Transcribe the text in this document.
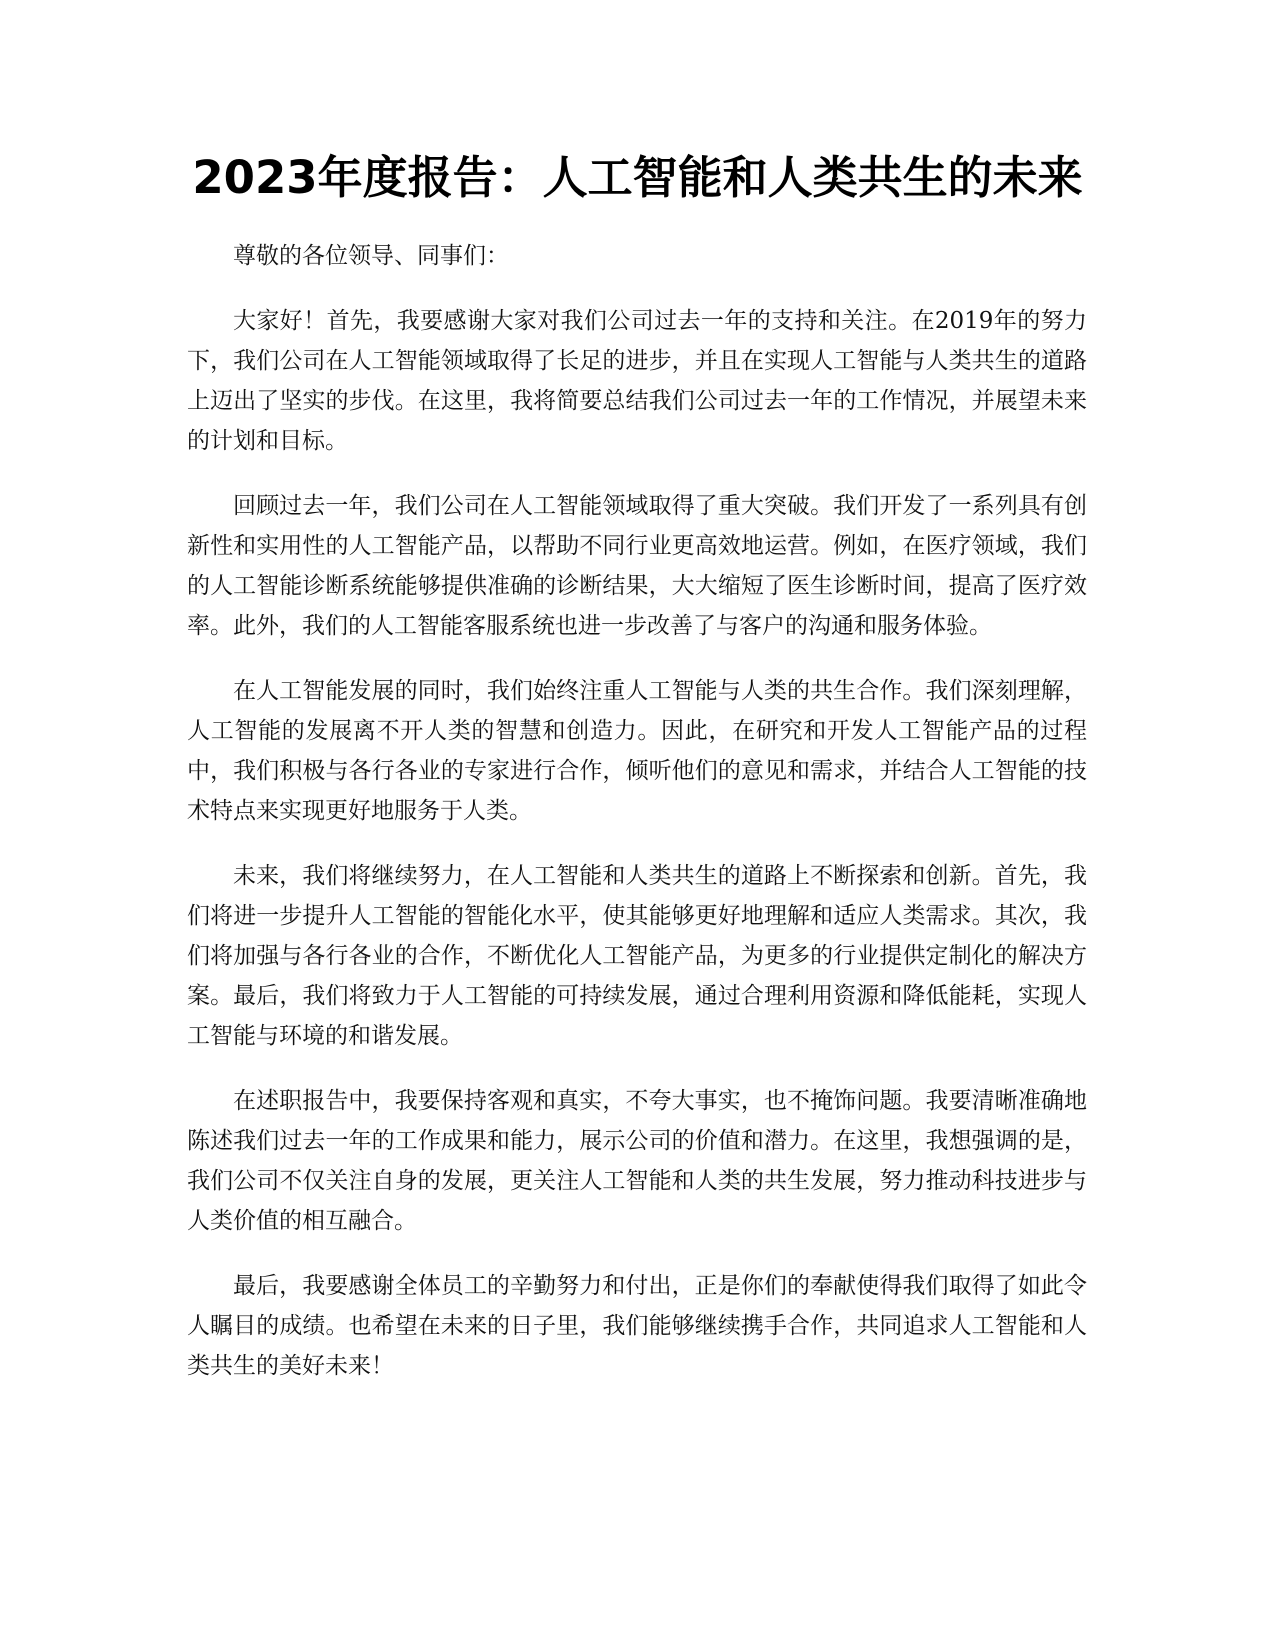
2023年度报告：人工智能和人类共生的未来

尊敬的各位领导、同事们：

大家好！首先，我要感谢大家对我们公司过去一年的支持和关注。在2019年的努力下，我们公司在人工智能领域取得了长足的进步，并且在实现人工智能与人类共生的道路上迈出了坚实的步伐。在这里，我将简要总结我们公司过去一年的工作情况，并展望未来的计划和目标。

回顾过去一年，我们公司在人工智能领域取得了重大突破。我们开发了一系列具有创新性和实用性的人工智能产品，以帮助不同行业更高效地运营。例如，在医疗领域，我们的人工智能诊断系统能够提供准确的诊断结果，大大缩短了医生诊断时间，提高了医疗效率。此外，我们的人工智能客服系统也进一步改善了与客户的沟通和服务体验。

在人工智能发展的同时，我们始终注重人工智能与人类的共生合作。我们深刻理解，人工智能的发展离不开人类的智慧和创造力。因此，在研究和开发人工智能产品的过程中，我们积极与各行各业的专家进行合作，倾听他们的意见和需求，并结合人工智能的技术特点来实现更好地服务于人类。

未来，我们将继续努力，在人工智能和人类共生的道路上不断探索和创新。首先，我们将进一步提升人工智能的智能化水平，使其能够更好地理解和适应人类需求。其次，我们将加强与各行各业的合作，不断优化人工智能产品，为更多的行业提供定制化的解决方案。最后，我们将致力于人工智能的可持续发展，通过合理利用资源和降低能耗，实现人工智能与环境的和谐发展。

在述职报告中，我要保持客观和真实，不夸大事实，也不掩饰问题。我要清晰准确地陈述我们过去一年的工作成果和能力，展示公司的价值和潜力。在这里，我想强调的是，我们公司不仅关注自身的发展，更关注人工智能和人类的共生发展，努力推动科技进步与人类价值的相互融合。

最后，我要感谢全体员工的辛勤努力和付出，正是你们的奉献使得我们取得了如此令人瞩目的成绩。也希望在未来的日子里，我们能够继续携手合作，共同追求人工智能和人类共生的美好未来！
